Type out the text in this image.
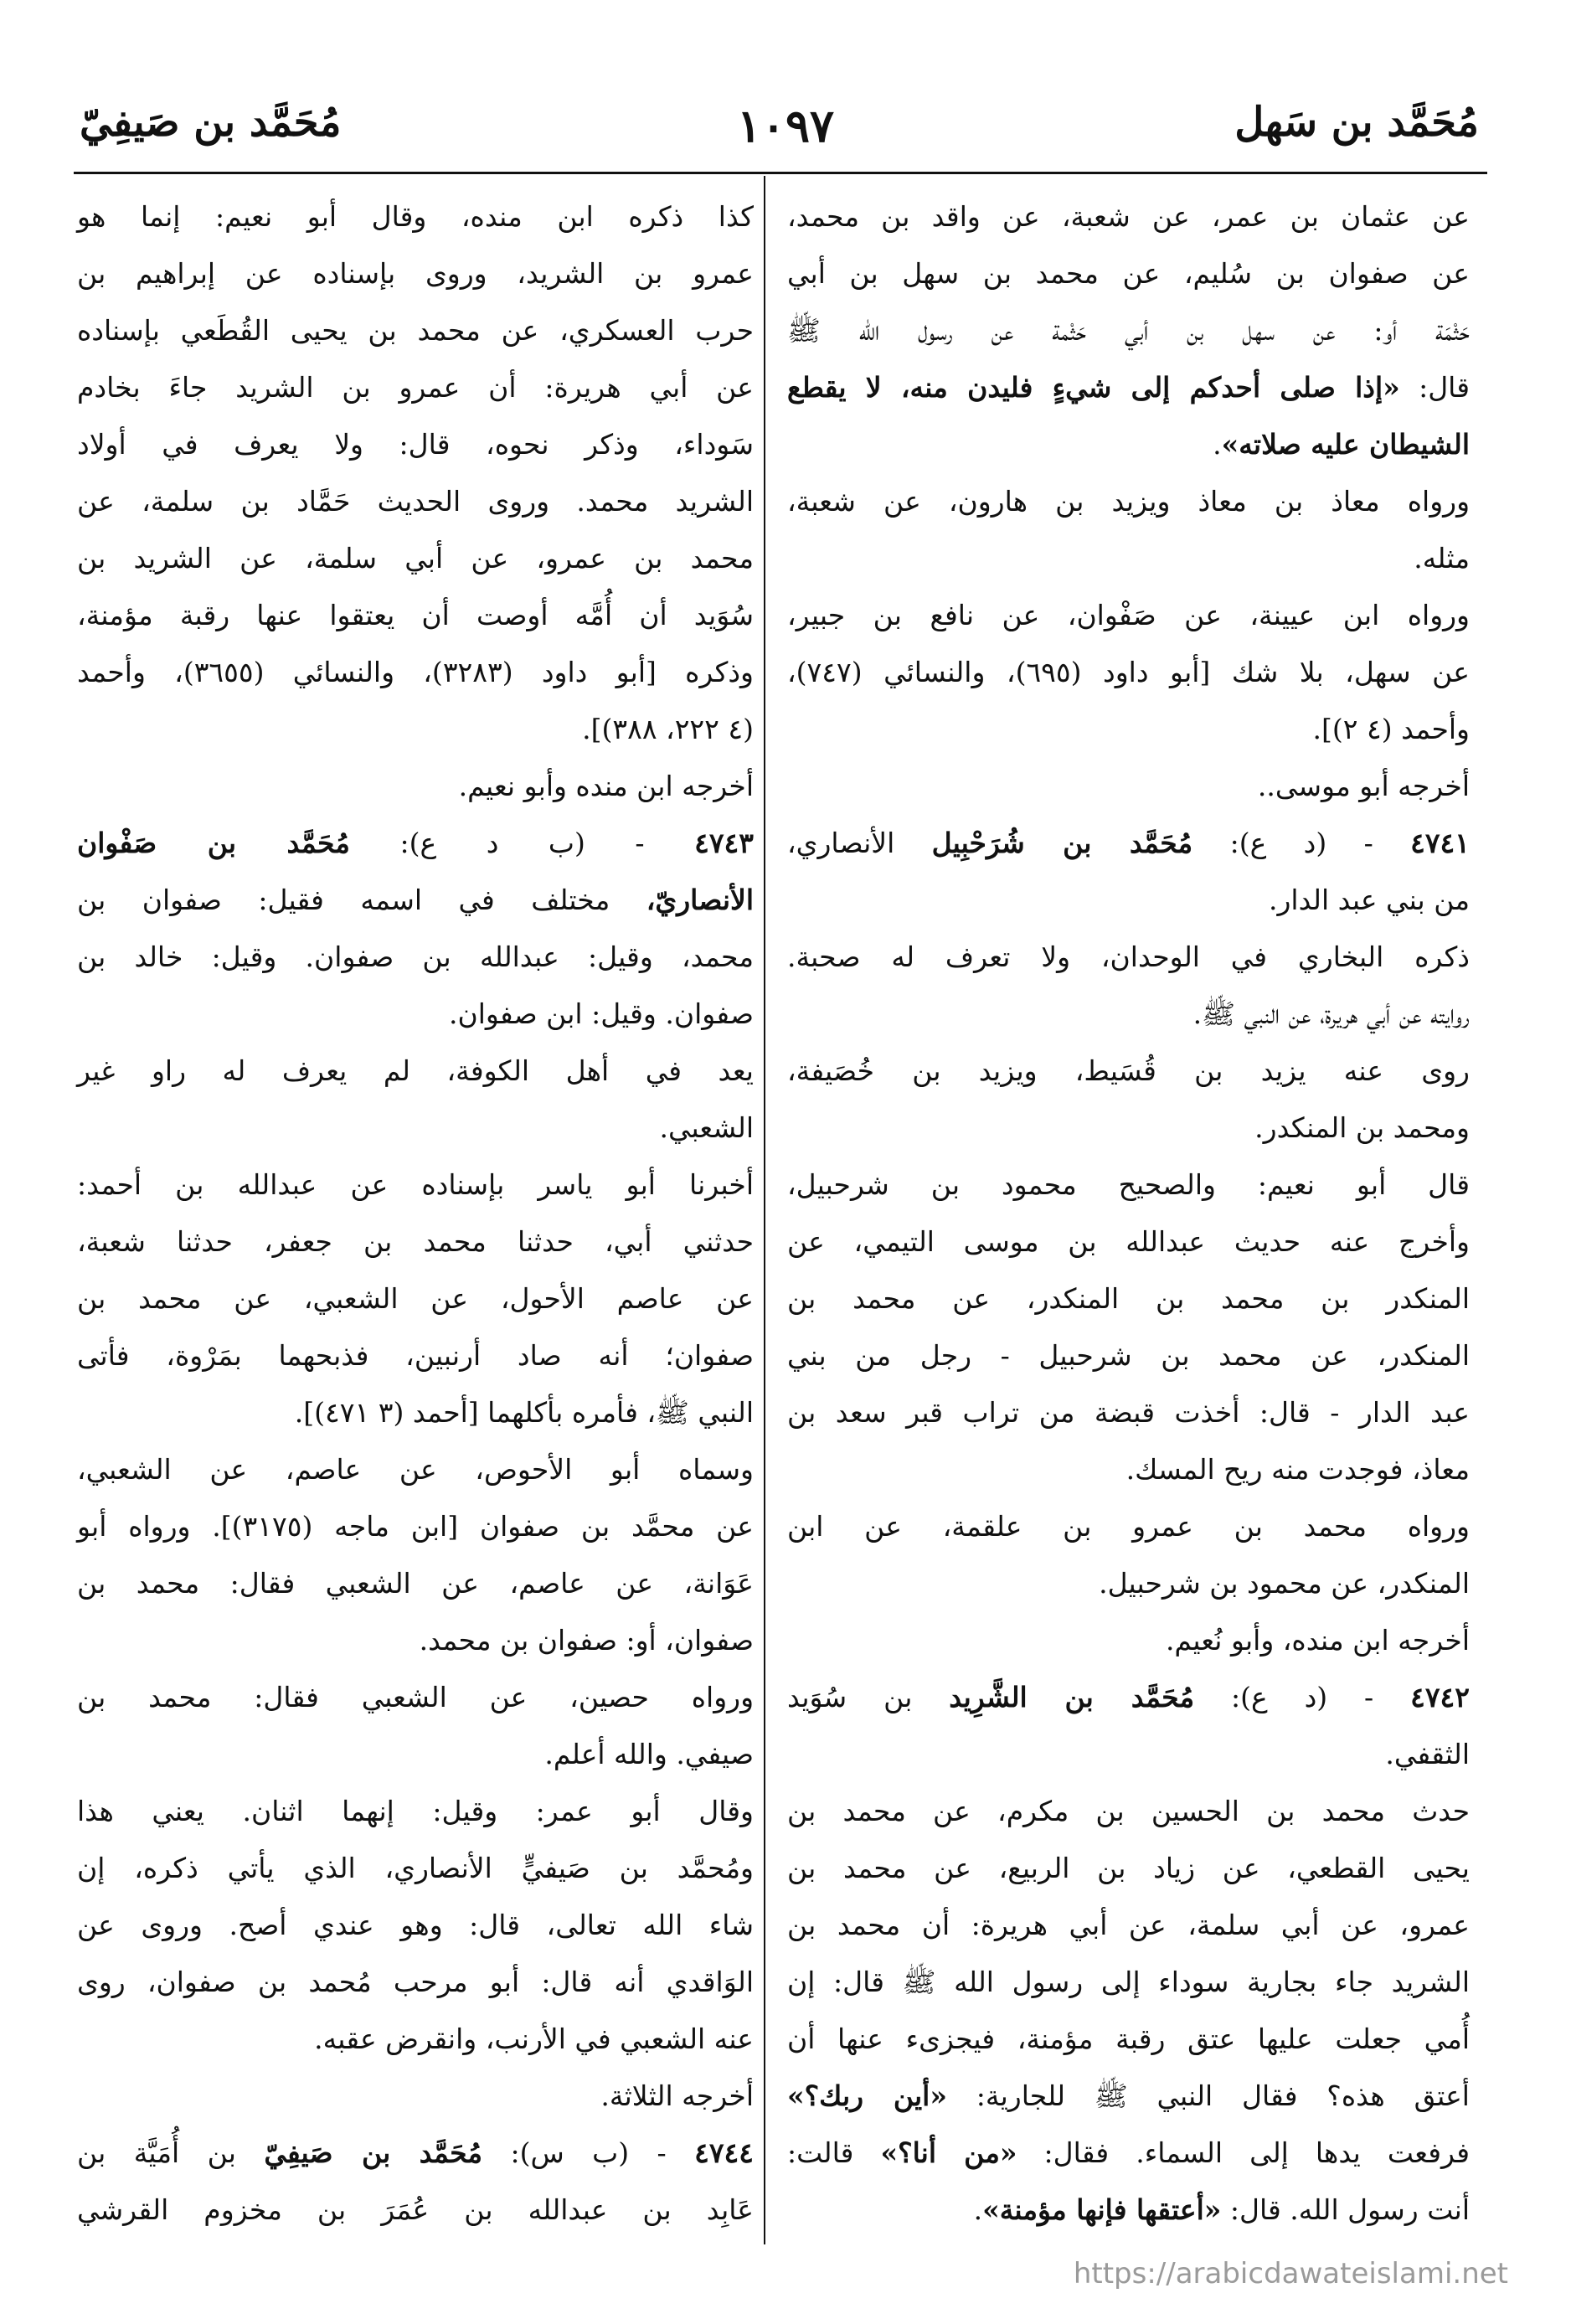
مُحَمَّد بن سَهل
١٠٩٧
مُحَمَّد بن صَيفِيّ
عن عثمان بن عمر، عن شعبة، عن واقد بن محمد،
عن صفوان بن سُليم، عن محمد بن سهل بن أبي
حَثْمَة أو: عن سهل بن أبي حَثْمة عن رسول الله ﷺ
قال: «إذا صلى أحدكم إلى شيءٍ فليدن منه، لا يقطع
الشيطان عليه صلاته».
ورواه معاذ بن معاذ ويزيد بن هارون، عن شعبة،
مثله.
ورواه ابن عيينة، عن صَفْوان، عن نافع بن جبير،
عن سهل، بلا شك [أبو داود (٦٩٥)، والنسائي (٧٤٧)،
وأحمد (٤ ٢)].
أخرجه أبو موسى..
٤٧٤١ - (د ع): مُحَمَّد بن شُرَحْبِيل الأنصاري،
من بني عبد الدار.
ذكره البخاري في الوحدان، ولا تعرف له صحبة.
روايته عن أبي هريرة، عن النبي ﷺ.
روى عنه يزيد بن قُسَيط، ويزيد بن خُصَيفة،
ومحمد بن المنكدر.
قال أبو نعيم: والصحيح محمود بن شرحبيل،
وأخرج عنه حديث عبدالله بن موسى التيمي، عن
المنكدر بن محمد بن المنكدر، عن محمد بن
المنكدر، عن محمد بن شرحبيل - رجل من بني
عبد الدار - قال: أخذت قبضة من تراب قبر سعد بن
معاذ، فوجدت منه ريح المسك.
ورواه محمد بن عمرو بن علقمة، عن ابن
المنكدر، عن محمود بن شرحبيل.
أخرجه ابن منده، وأبو نُعيم.
٤٧٤٢ - (د ع): مُحَمَّد بن الشَّرِيد بن سُوَيد
الثقفي.
حدث محمد بن الحسين بن مكرم، عن محمد بن
يحيى القطعي، عن زياد بن الربيع، عن محمد بن
عمرو، عن أبي سلمة، عن أبي هريرة: أن محمد بن
الشريد جاء بجارية سوداء إلى رسول الله ﷺ قال: إن
أُمي جعلت عليها عتق رقبة مؤمنة، فيجزىء عنها أن
أعتق هذه؟ فقال النبي ﷺ للجارية: «أين ربك؟»
فرفعت يدها إلى السماء. فقال: «من أنا؟» قالت:
أنت رسول الله. قال: «أعتقها فإنها مؤمنة».
كذا ذكره ابن منده، وقال أبو نعيم: إنما هو
عمرو بن الشريد، وروى بإسناده عن إبراهيم بن
حرب العسكري، عن محمد بن يحيى القُطَعي بإسناده
عن أبي هريرة: أن عمرو بن الشريد جاءَ بخادم
سَوداء، وذكر نحوه، قال: ولا يعرف في أولاد
الشريد محمد. وروى الحديث حَمَّاد بن سلمة، عن
محمد بن عمرو، عن أبي سلمة، عن الشريد بن
سُوَيد أن أُمَّه أوصت أن يعتقوا عنها رقبة مؤمنة،
وذكره [أبو داود (٣٢٨٣)، والنسائي (٣٦٥٥)، وأحمد
(٤ ٢٢٢، ٣٨٨)].
أخرجه ابن منده وأبو نعيم.
٤٧٤٣ - (ب د ع): مُحَمَّد بن صَفْوان
الأنصاريّ، مختلف في اسمه فقيل: صفوان بن
محمد، وقيل: عبدالله بن صفوان. وقيل: خالد بن
صفوان. وقيل: ابن صفوان.
يعد في أهل الكوفة، لم يعرف له راو غير
الشعبي.
أخبرنا أبو ياسر بإسناده عن عبدالله بن أحمد:
حدثني أبي، حدثنا محمد بن جعفر، حدثنا شعبة،
عن عاصم الأحول، عن الشعبي، عن محمد بن
صفوان؛ أنه صاد أرنبين، فذبحهما بمَرْوة، فأتى
النبي ﷺ، فأمره بأكلهما [أحمد (٣ ٤٧١)].
وسماه أبو الأحوص، عن عاصم، عن الشعبي،
عن محمَّد بن صفوان [ابن ماجه (٣١٧٥)]. ورواه أبو
عَوَانة، عن عاصم، عن الشعبي فقال: محمد بن
صفوان، أو: صفوان بن محمد.
ورواه حصين، عن الشعبي فقال: محمد بن
صيفي. والله أعلم.
وقال أبو عمر: وقيل: إنهما اثنان. يعني هذا
ومُحمَّد بن صَيفيٍّ الأنصاري، الذي يأتي ذكره، إن
شاء الله تعالى، قال: وهو عندي أصح. وروى عن
الوَاقدي أنه قال: أبو مرحب مُحمد بن صفوان، روى
عنه الشعبي في الأرنب، وانقرض عقبه.
أخرجه الثلاثة.
٤٧٤٤ - (ب س): مُحَمَّد بن صَيفِيّ بن أُمَيَّة بن
عَابِد بن عبدالله بن عُمَرَ بن مخزوم القرشي
https://arabicdawateislami.net
